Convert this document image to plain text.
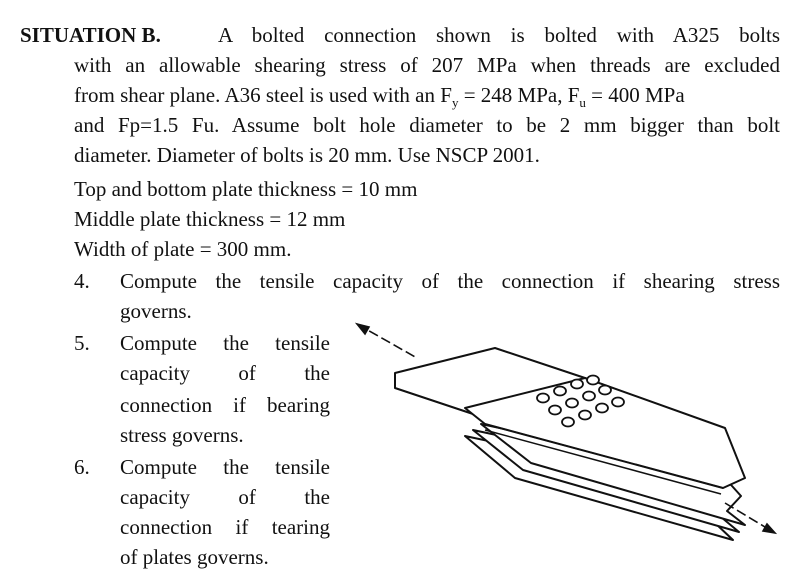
SITUATION B.	A bolted connection shown is bolted with A325 bolts
with an allowable shearing stress of 207 MPa when threads are excluded
from shear plane. A36 steel is used with an $F_y = 248$ MPa, $F_u = 400$ MPa
and Fp=1.5 Fu. Assume bolt hole diameter to be 2 mm bigger than bolt
diameter. Diameter of bolts is 20 mm. Use NSCP 2001.
Top and bottom plate thickness = 10 mm
Middle plate thickness = 12 mm
Width of plate = 300 mm.
4. Compute the tensile capacity of the connection if shearing stress
governs.
5. Compute the tensile
capacity of the
connection if bearing
stress governs.
6. Compute the tensile
capacity of the
connection if tearing
of plates governs.
